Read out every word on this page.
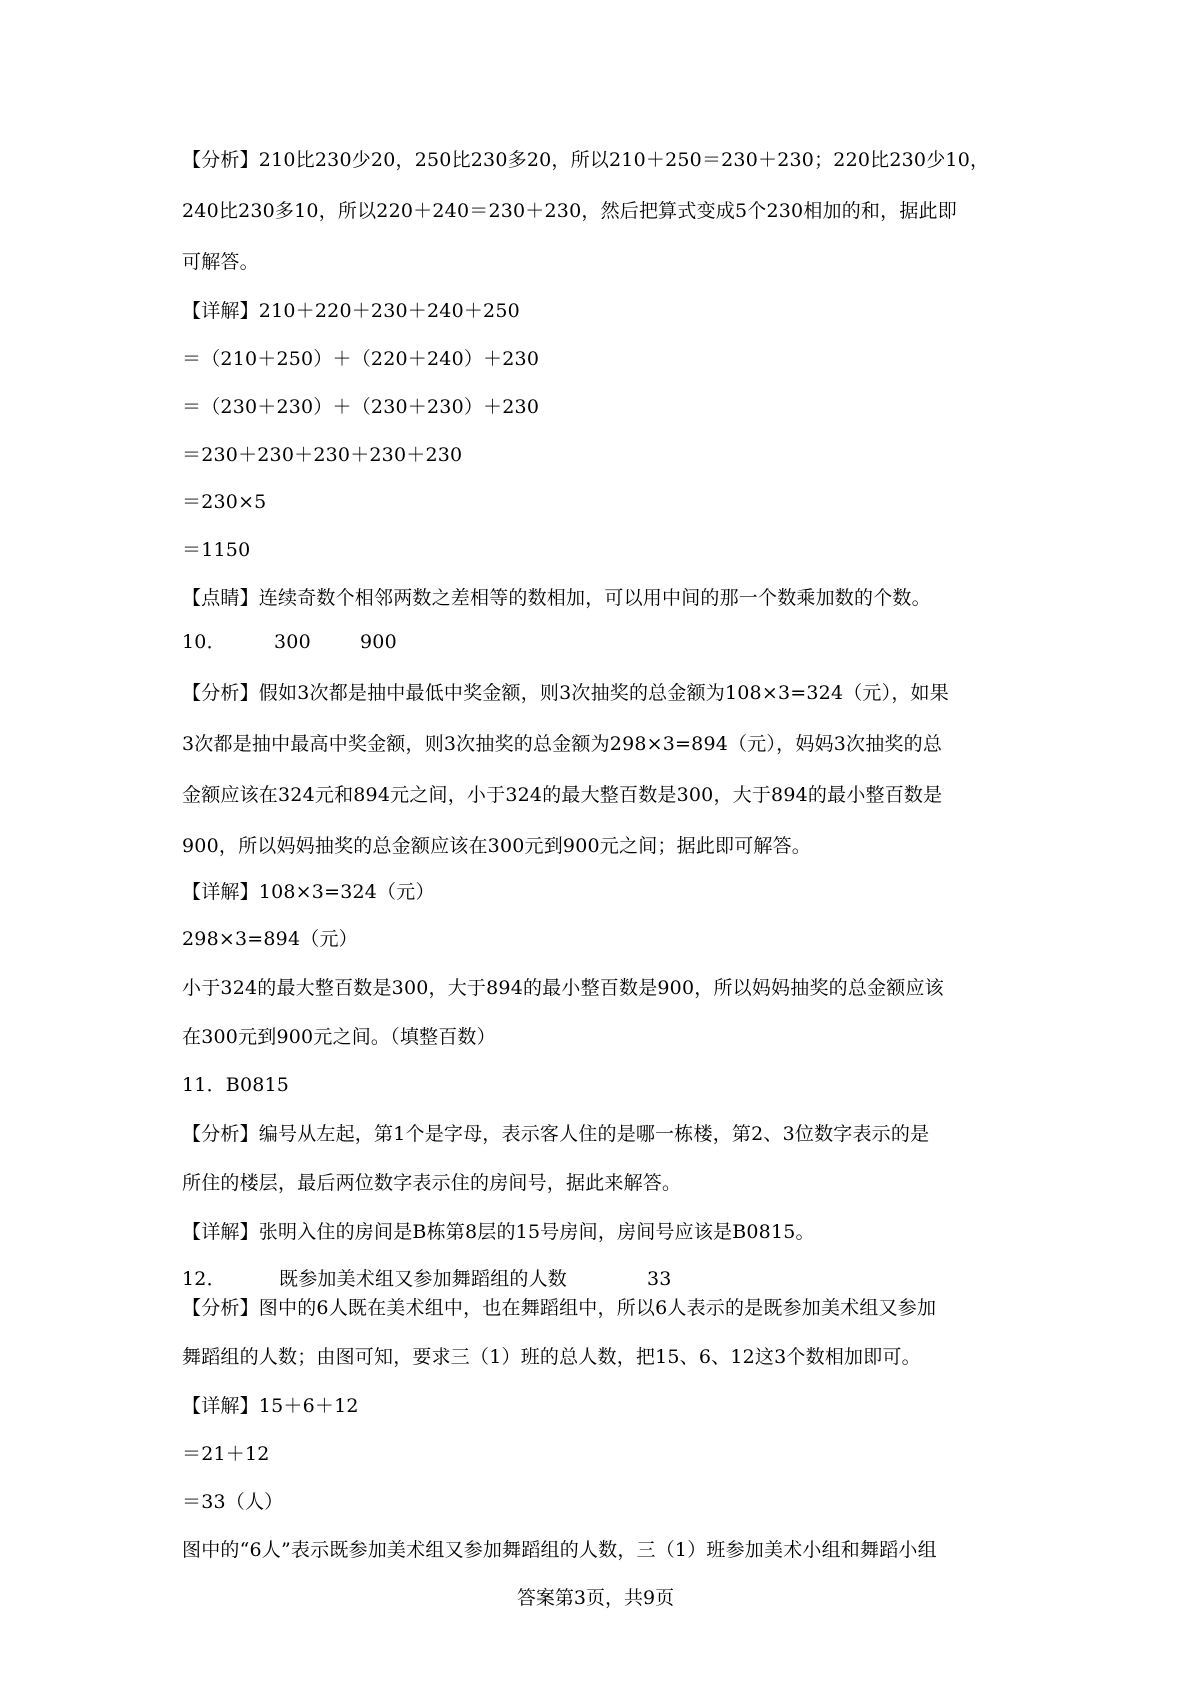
【分析】210比230少20，250比230多20，所以210＋250＝230＋230；220比230少10，
240比230多10，所以220＋240＝230＋230，然后把算式变成5个230相加的和，据此即
可解答。
【详解】210＋220＋230＋240＋250
＝（210＋250）＋（220＋240）＋230
＝（230＋230）＋（230＋230）＋230
＝230＋230＋230＋230＋230
＝230×5
＝1150
【点睛】连续奇数个相邻两数之差相等的数相加，可以用中间的那一个数乘加数的个数。
10．	300	900
【分析】假如3次都是抽中最低中奖金额，则3次抽奖的总金额为108×3=324（元），如果
3次都是抽中最高中奖金额，则3次抽奖的总金额为298×3=894（元），妈妈3次抽奖的总
金额应该在324元和894元之间，小于324的最大整百数是300，大于894的最小整百数是
900，所以妈妈抽奖的总金额应该在300元到900元之间；据此即可解答。
【详解】108×3=324（元）
298×3=894（元）
小于324的最大整百数是300，大于894的最小整百数是900，所以妈妈抽奖的总金额应该
在300元到900元之间。（填整百数）
11．B0815
【分析】编号从左起，第1个是字母，表示客人住的是哪一栋楼，第2、3位数字表示的是
所住的楼层，最后两位数字表示住的房间号，据此来解答。
【详解】张明入住的房间是B栋第8层的15号房间，房间号应该是B0815。
12．	既参加美术组又参加舞蹈组的人数	33
【分析】图中的6人既在美术组中，也在舞蹈组中，所以6人表示的是既参加美术组又参加
舞蹈组的人数；由图可知，要求三（1）班的总人数，把15、6、12这3个数相加即可。
【详解】15＋6＋12
＝21＋12
＝33（人）
图中的“6人”表示既参加美术组又参加舞蹈组的人数，三（1）班参加美术小组和舞蹈小组
答案第3页，共9页
